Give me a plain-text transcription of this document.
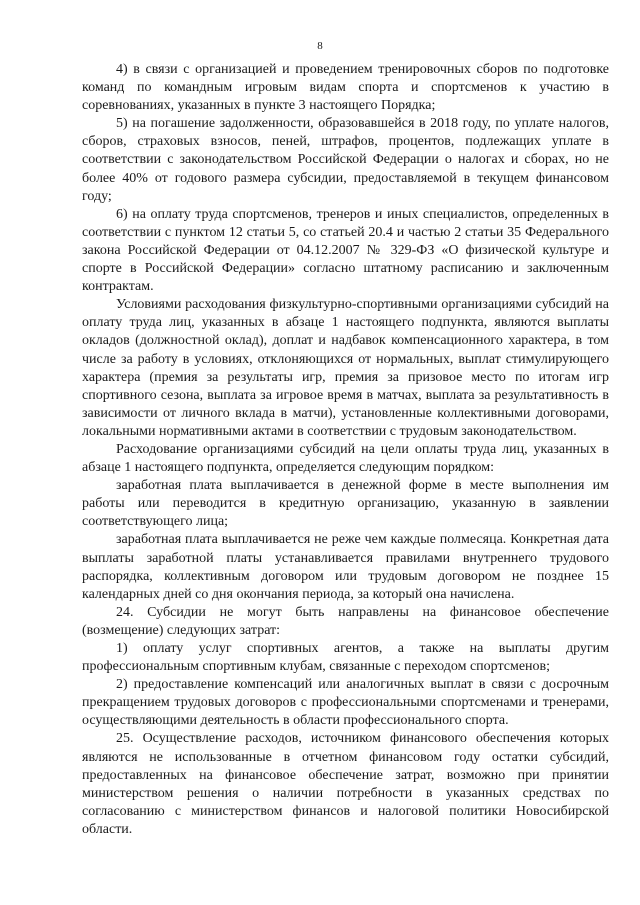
8

4) в связи с организацией и проведением тренировочных сборов по подготовке команд по командным игровым видам спорта и спортсменов к участию в соревнованиях, указанных в пункте 3 настоящего Порядка;

5) на погашение задолженности, образовавшейся в 2018 году, по уплате налогов, сборов, страховых взносов, пеней, штрафов, процентов, подлежащих уплате в соответствии с законодательством Российской Федерации о налогах и сборах, но не более 40% от годового размера субсидии, предоставляемой в текущем финансовом году;

6) на оплату труда спортсменов, тренеров и иных специалистов, определенных в соответствии с пунктом 12 статьи 5, со статьей 20.4 и частью 2 статьи 35 Федерального закона Российской Федерации от 04.12.2007 № 329-ФЗ «О физической культуре и спорте в Российской Федерации» согласно штатному расписанию и заключенным контрактам.

Условиями расходования физкультурно-спортивными организациями субсидий на оплату труда лиц, указанных в абзаце 1 настоящего подпункта, являются выплаты окладов (должностной оклад), доплат и надбавок компенсационного характера, в том числе за работу в условиях, отклоняющихся от нормальных, выплат стимулирующего характера (премия за результаты игр, премия за призовое место по итогам игр спортивного сезона, выплата за игровое время в матчах, выплата за результативность в зависимости от личного вклада в матчи), установленные коллективными договорами, локальными нормативными актами в соответствии с трудовым законодательством.

Расходование организациями субсидий на цели оплаты труда лиц, указанных в абзаце 1 настоящего подпункта, определяется следующим порядком:

заработная плата выплачивается в денежной форме в месте выполнения им работы или переводится в кредитную организацию, указанную в заявлении соответствующего лица;

заработная плата выплачивается не реже чем каждые полмесяца. Конкретная дата выплаты заработной платы устанавливается правилами внутреннего трудового распорядка, коллективным договором или трудовым договором не позднее 15 календарных дней со дня окончания периода, за который она начислена.

24. Субсидии не могут быть направлены на финансовое обеспечение (возмещение) следующих затрат:

1) оплату услуг спортивных агентов, а также на выплаты другим профессиональным спортивным клубам, связанные с переходом спортсменов;

2) предоставление компенсаций или аналогичных выплат в связи с досрочным прекращением трудовых договоров с профессиональными спортсменами и тренерами, осуществляющими деятельность в области профессионального спорта.

25. Осуществление расходов, источником финансового обеспечения которых являются не использованные в отчетном финансовом году остатки субсидий, предоставленных на финансовое обеспечение затрат, возможно при принятии министерством решения о наличии потребности в указанных средствах по согласованию с министерством финансов и налоговой политики Новосибирской области.
